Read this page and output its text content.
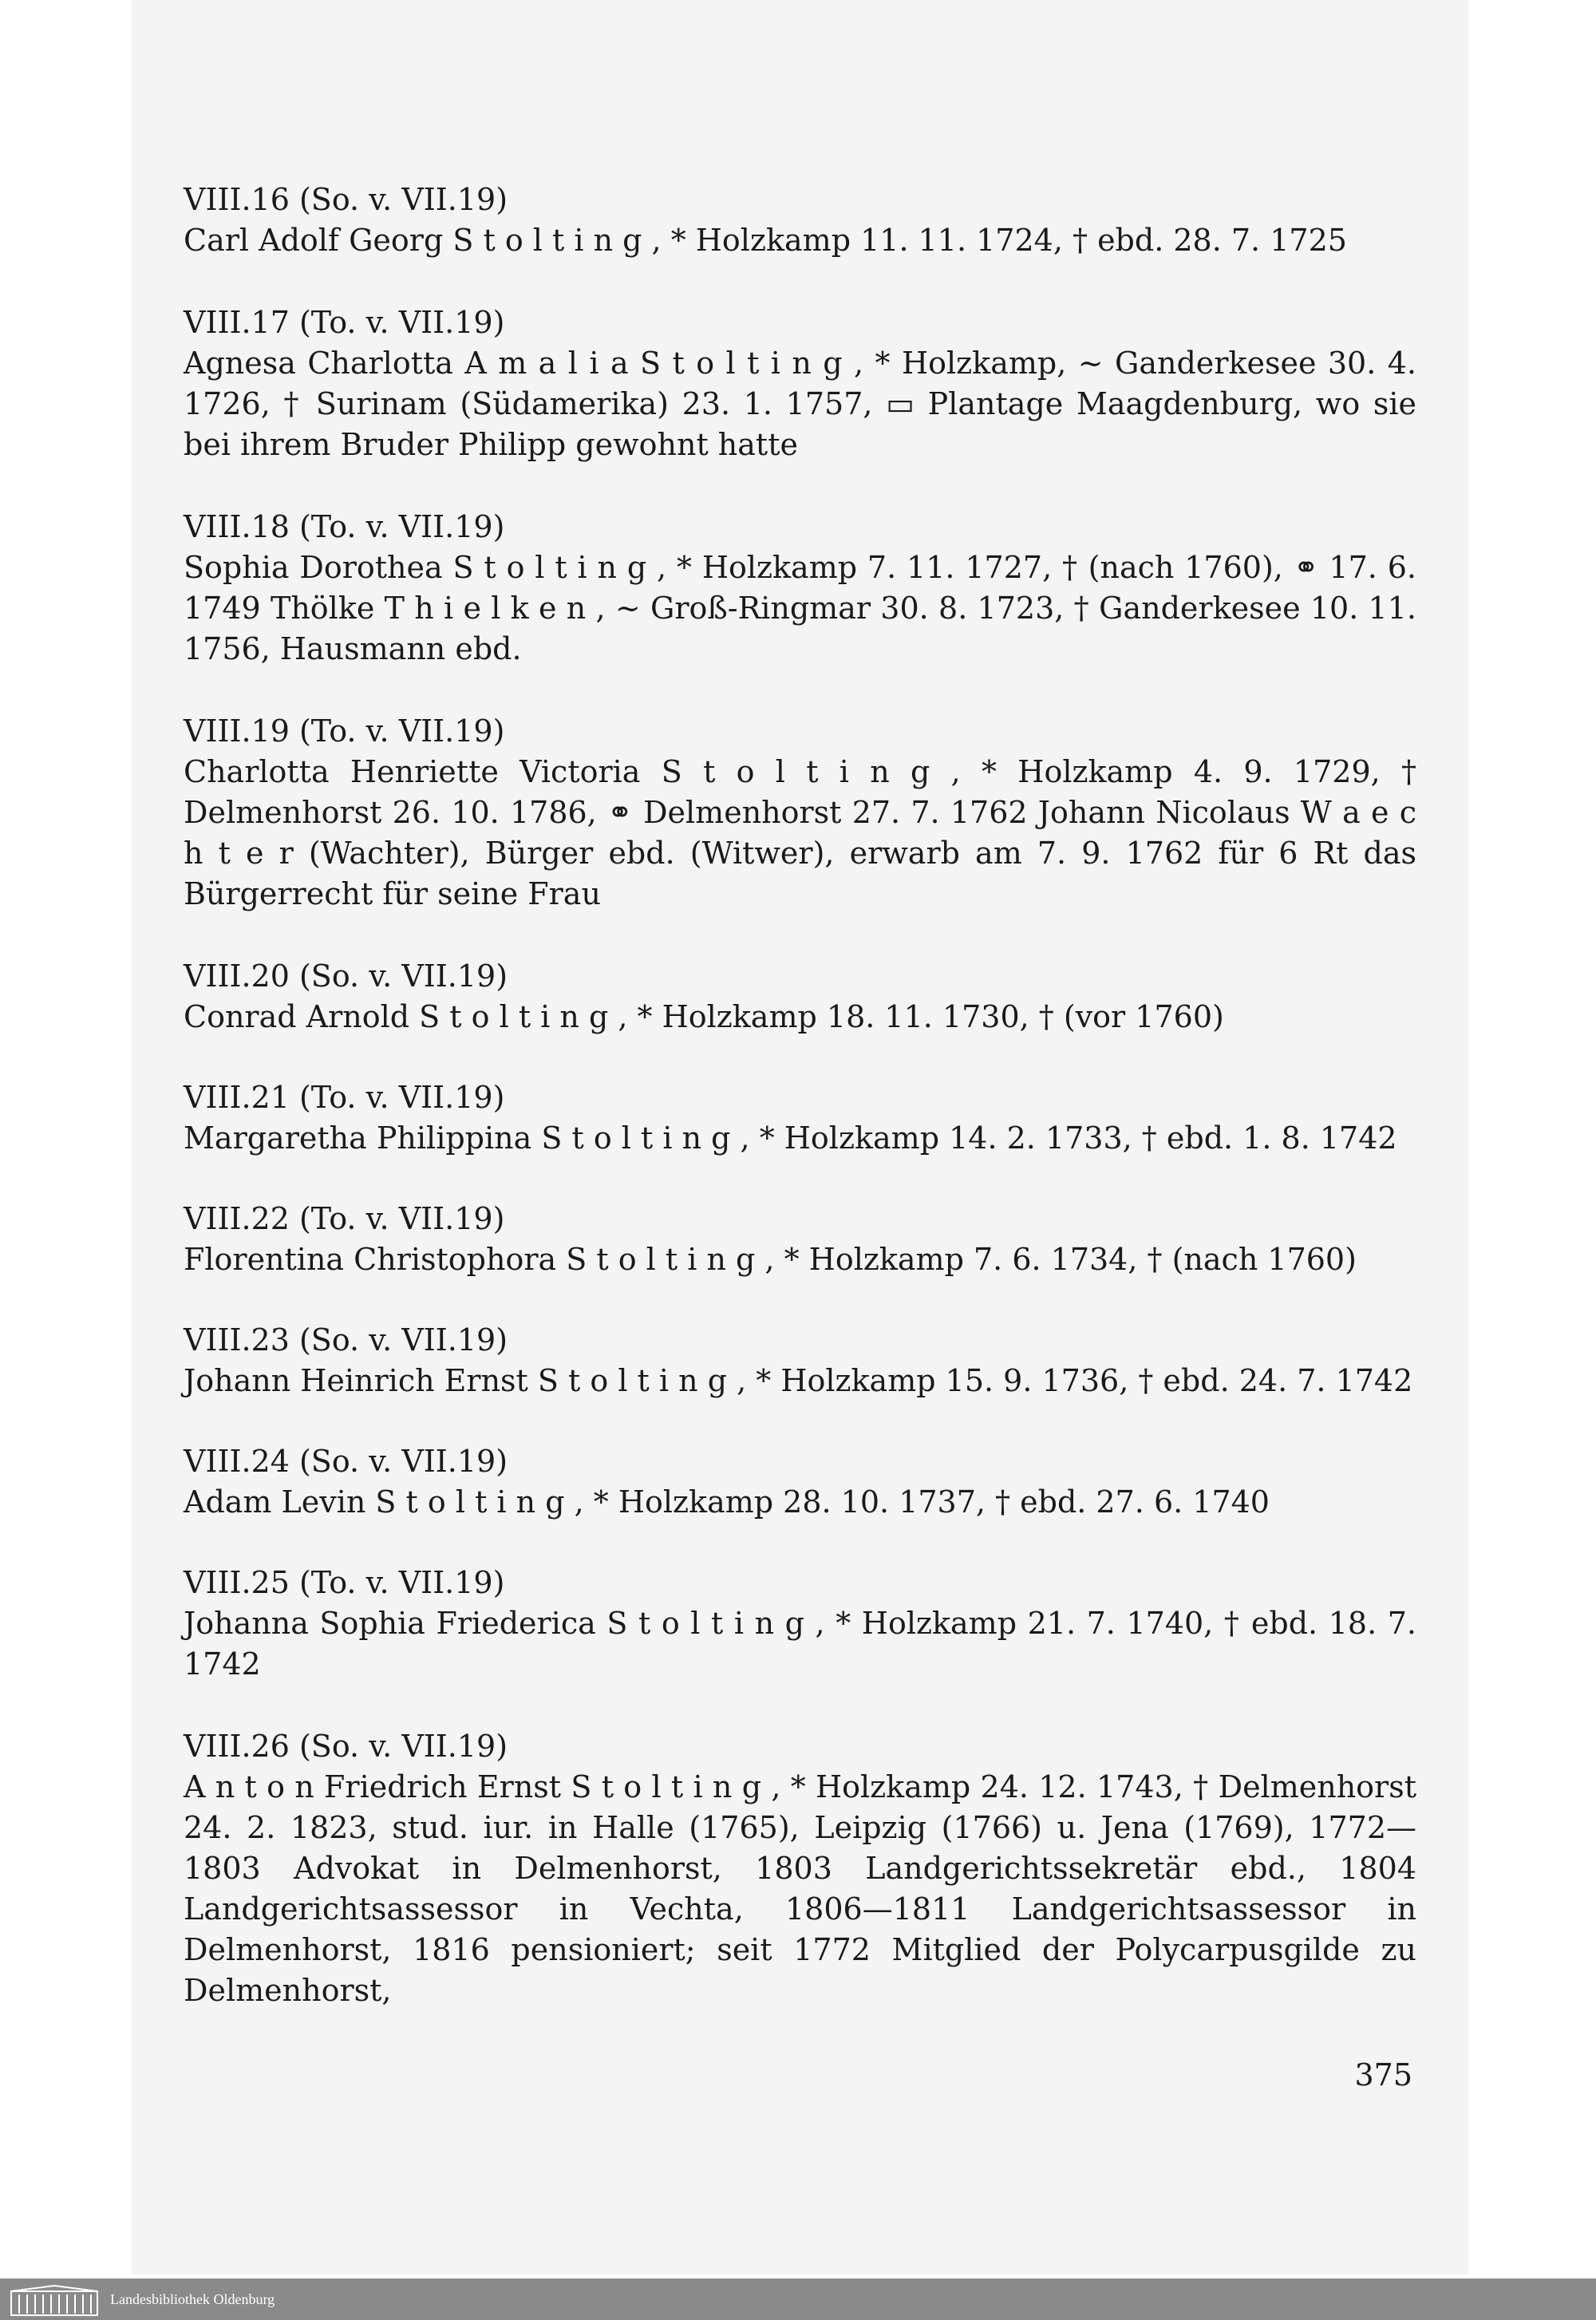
VIII.16 (So. v. VII.19)
Carl Adolf Georg S t o l t i n g , * Holzkamp 11. 11. 1724, † ebd. 28. 7. 1725
VIII.17 (To. v. VII.19)
Agnesa Charlotta A m a l i a S t o l t i n g , * Holzkamp, ∼ Ganderkesee 30. 4. 1726, † Surinam (Südamerika) 23. 1. 1757, ▭ Plantage Maagdenburg, wo sie bei ihrem Bruder Philipp gewohnt hatte
VIII.18 (To. v. VII.19)
Sophia Dorothea S t o l t i n g , * Holzkamp 7. 11. 1727, † (nach 1760), ⚭ 17. 6. 1749 Thölke T h i e l k e n , ∼ Groß-Ringmar 30. 8. 1723, † Ganderkesee 10. 11. 1756, Hausmann ebd.
VIII.19 (To. v. VII.19)
Charlotta Henriette Victoria S t o l t i n g , * Holzkamp 4. 9. 1729, † Delmenhorst 26. 10. 1786, ⚭ Delmenhorst 27. 7. 1762 Johann Nicolaus W a e c h t e r (Wachter), Bürger ebd. (Witwer), erwarb am 7. 9. 1762 für 6 Rt das Bürgerrecht für seine Frau
VIII.20 (So. v. VII.19)
Conrad Arnold S t o l t i n g , * Holzkamp 18. 11. 1730, † (vor 1760)
VIII.21 (To. v. VII.19)
Margaretha Philippina S t o l t i n g , * Holzkamp 14. 2. 1733, † ebd. 1. 8. 1742
VIII.22 (To. v. VII.19)
Florentina Christophora S t o l t i n g , * Holzkamp 7. 6. 1734, † (nach 1760)
VIII.23 (So. v. VII.19)
Johann Heinrich Ernst S t o l t i n g , * Holzkamp 15. 9. 1736, † ebd. 24. 7. 1742
VIII.24 (So. v. VII.19)
Adam Levin S t o l t i n g , * Holzkamp 28. 10. 1737, † ebd. 27. 6. 1740
VIII.25 (To. v. VII.19)
Johanna Sophia Friederica S t o l t i n g , * Holzkamp 21. 7. 1740, † ebd. 18. 7. 1742
VIII.26 (So. v. VII.19)
A n t o n Friedrich Ernst S t o l t i n g , * Holzkamp 24. 12. 1743, † Delmenhorst 24. 2. 1823, stud. iur. in Halle (1765), Leipzig (1766) u. Jena (1769), 1772—1803 Advokat in Delmenhorst, 1803 Landgerichtssekretär ebd., 1804 Landgerichtsassessor in Vechta, 1806—1811 Landgerichtsassessor in Delmenhorst, 1816 pensioniert; seit 1772 Mitglied der Polycarpusgilde zu Delmenhorst,
375
Landesbibliothek Oldenburg
